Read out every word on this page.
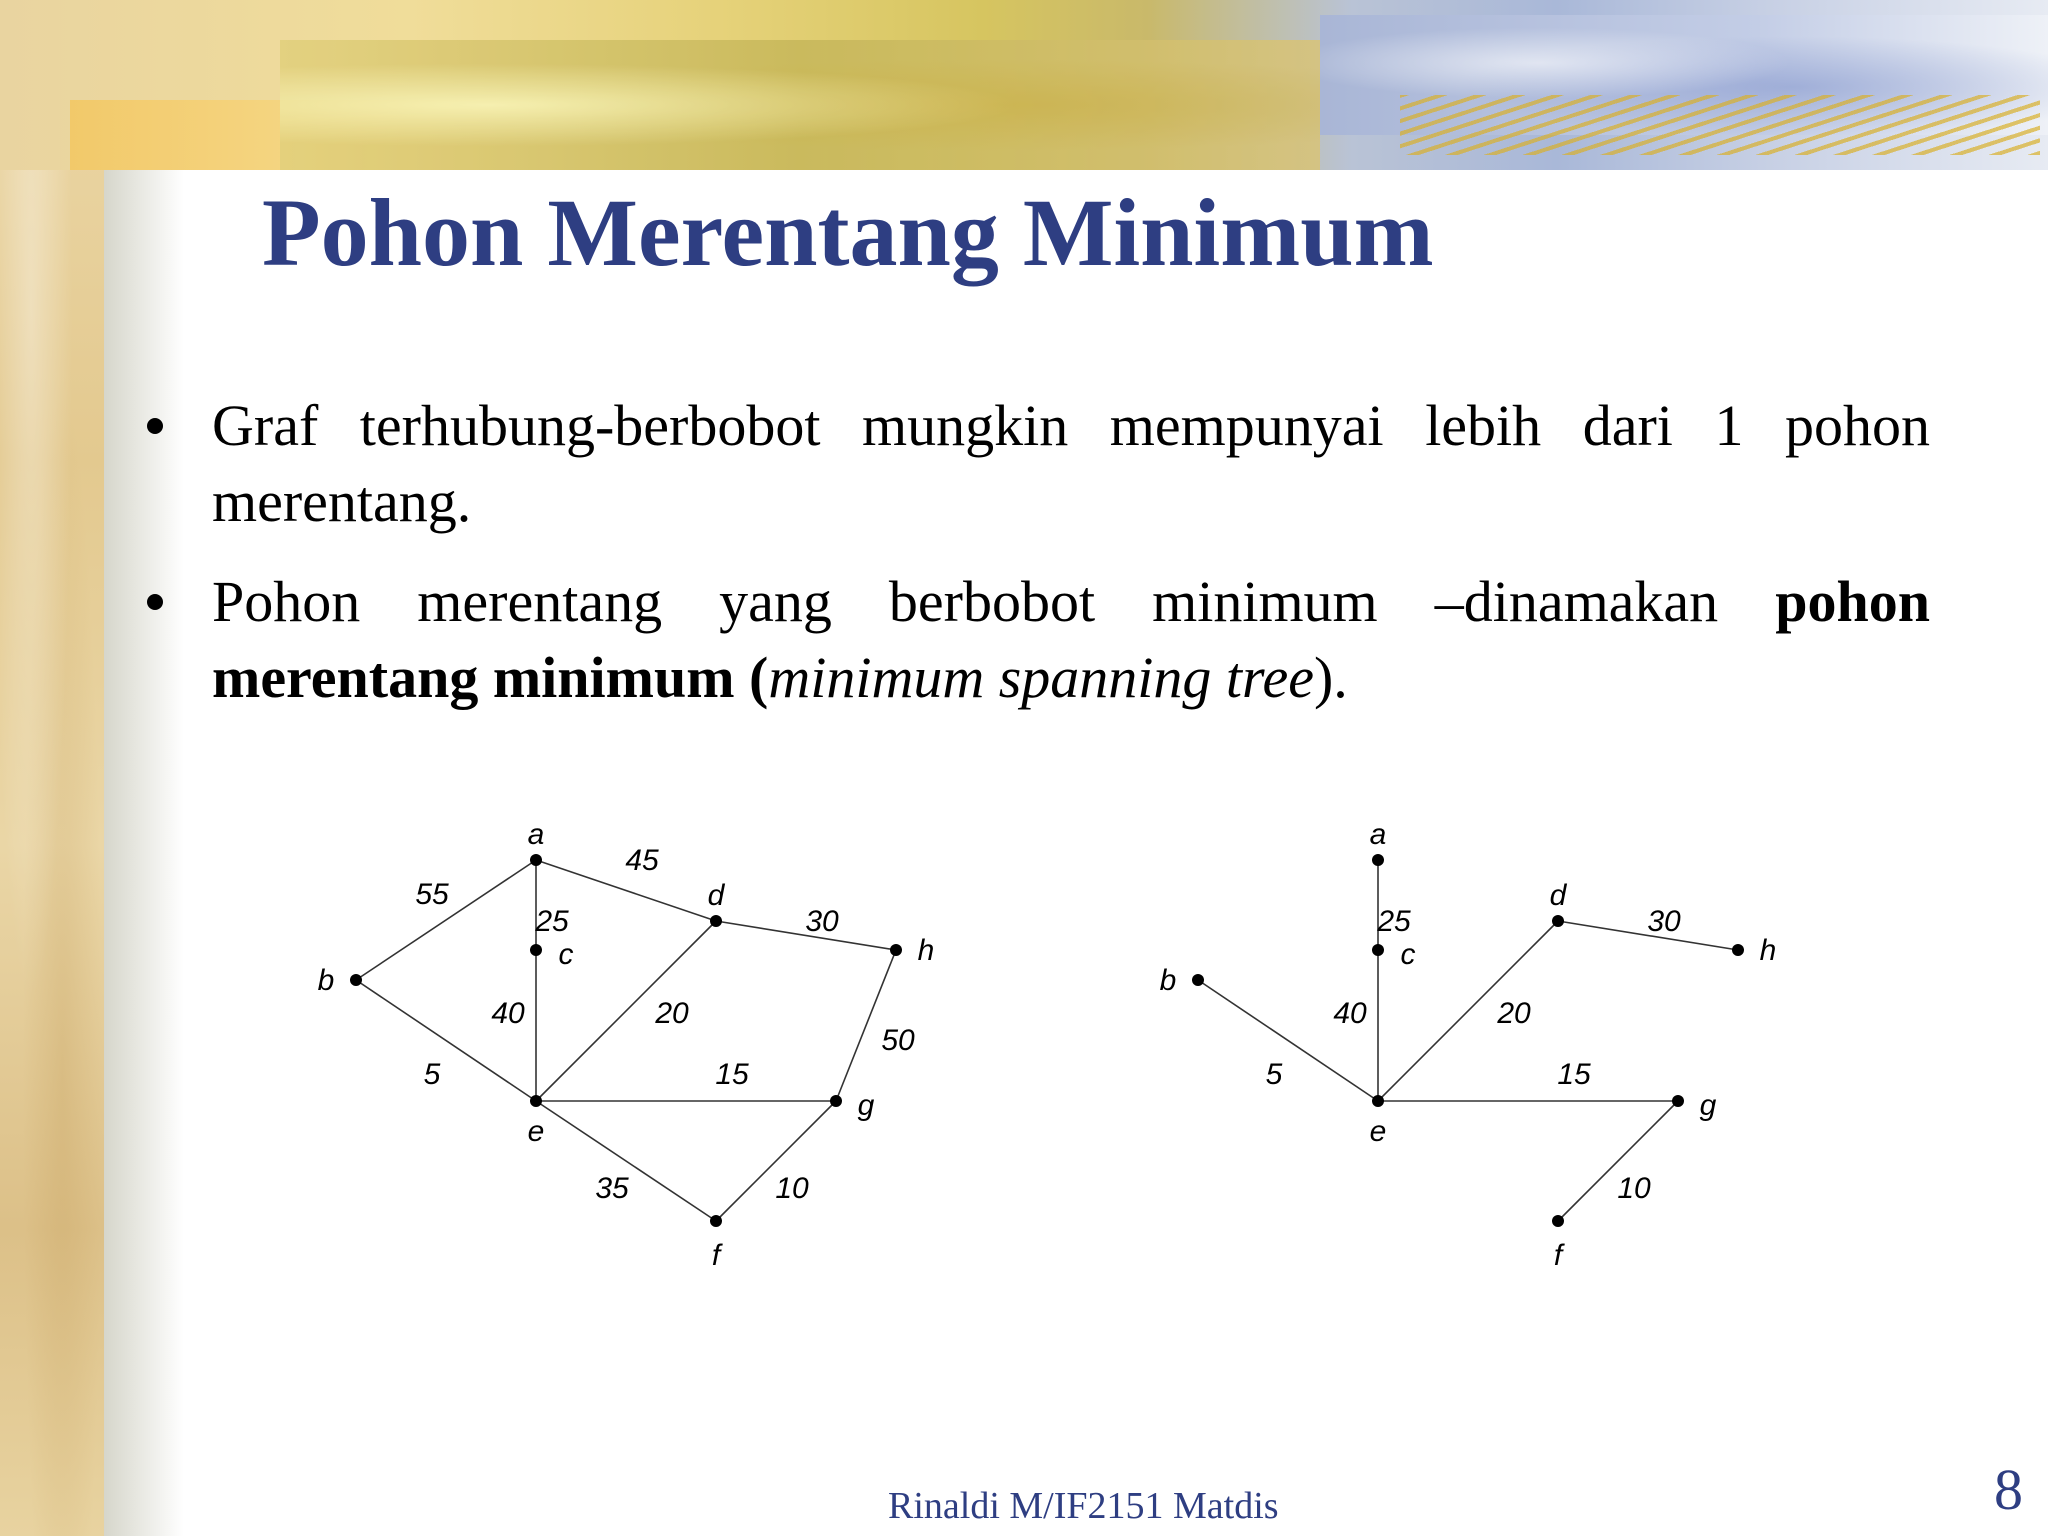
Pohon Merentang Minimum
Graf terhubung-berbobot mungkin mempunyai lebih dari 1 pohon merentang.
Pohon merentang yang berbobot minimum –dinamakan pohon merentang minimum (minimum spanning tree).
55
45
25
40
5
20
30
50
15
35	10
a
b
c
d
e
f
g
h
25
40
5
20
30
15
10
a
b
c
d
e
f
g
h
Rinaldi M/IF2151 Matdis	8
